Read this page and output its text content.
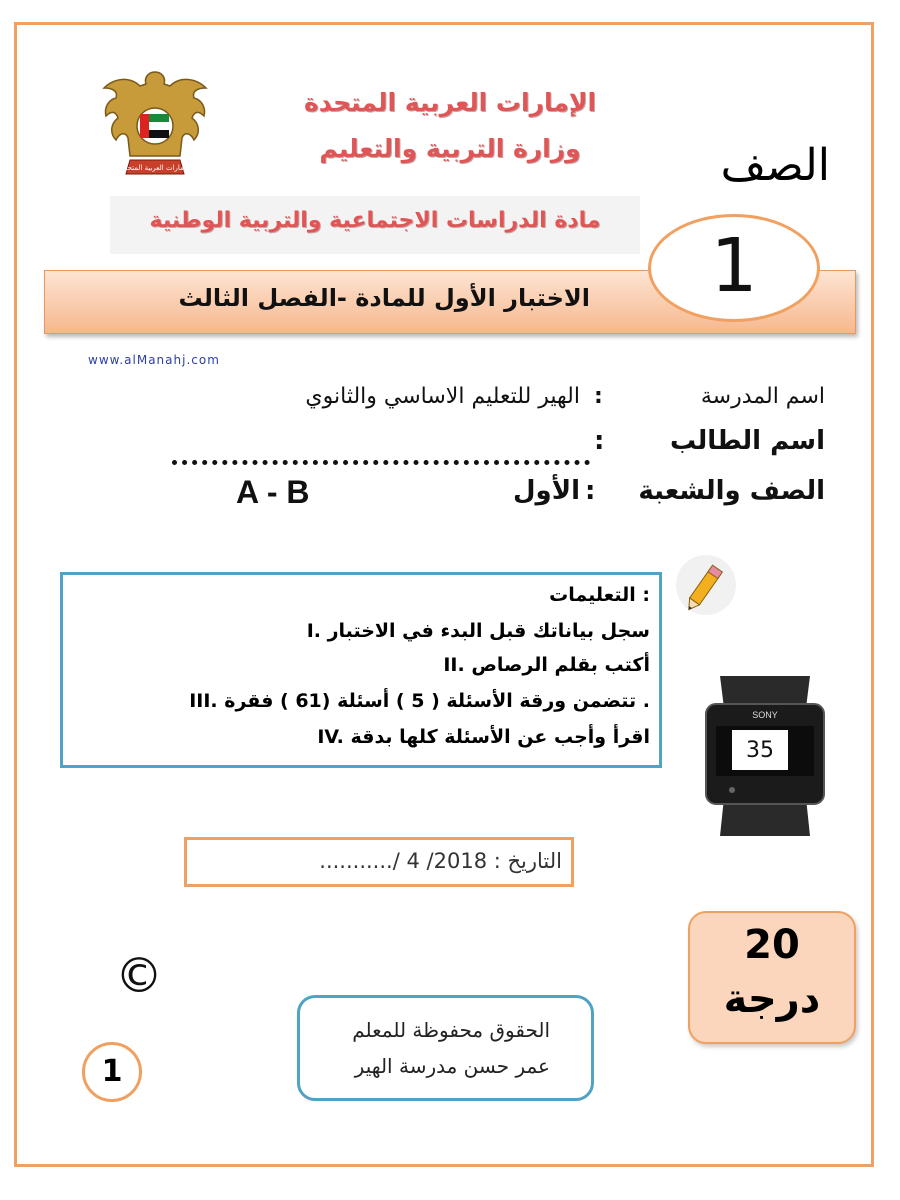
الإمارات العربية المتحدة
الإمارات العربية المتحدة
وزارة التربية والتعليم
مادة الدراسات الاجتماعية والتربية الوطنية
الصف
الاختبار الأول للمادة -الفصل الثالث	1
www.alManahj.com
اسم المدرسة
:
الهير للتعليم الاساسي والثانوي
اسم الطالب
:
الصف والشعبة
:
الأول
A - B
التعليمات :
I. سجل بياناتك قبل البدء في الاختبار
II. أكتب بقلم الرصاص
III. تتضمن ورقة الأسئلة ( 5 ) أسئلة (61 ) فقرة .
IV. اقرأ وأجب عن الأسئلة كلها بدقة
SONY
35
التاريخ : 2018/ 4 /...........‏
20
درجة
©
الحقوق محفوظة للمعلم
عمر حسن مدرسة الهير
1
